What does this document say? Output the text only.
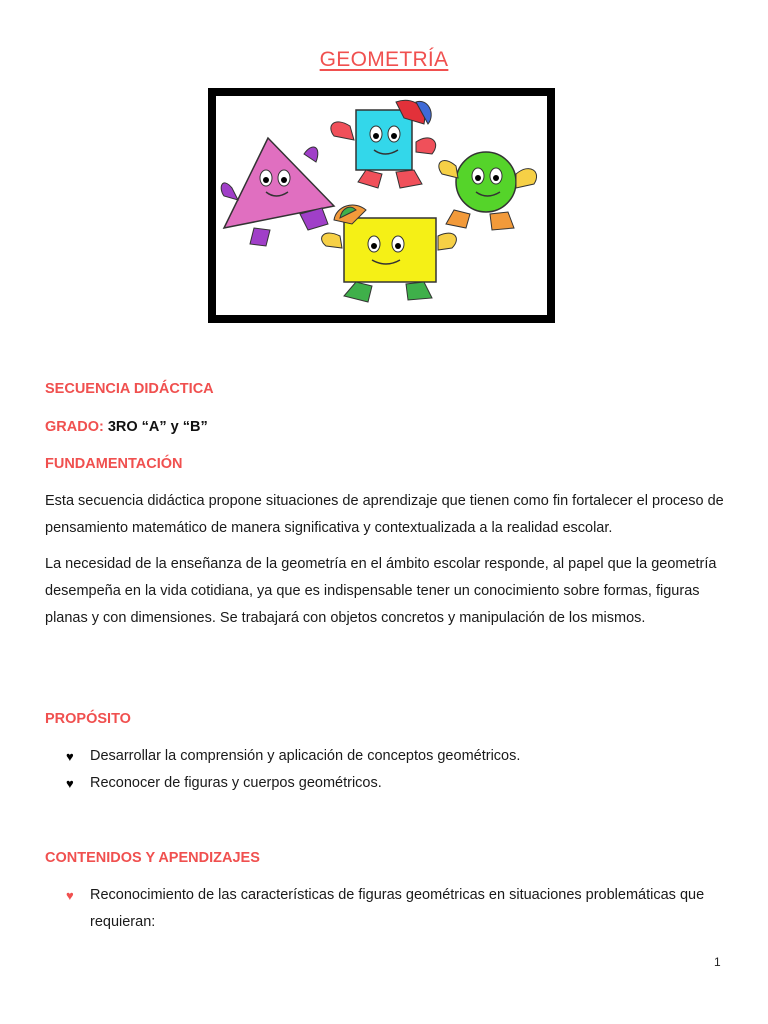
GEOMETRÍA
SECUENCIA DIDÁCTICA
GRADO: 3RO “A” y “B”
FUNDAMENTACIÓN
Esta secuencia didáctica propone situaciones de aprendizaje que tienen como fin fortalecer el proceso de pensamiento matemático de manera significativa y contextualizada a la realidad escolar.
La necesidad de la enseñanza de la geometría en el ámbito escolar responde, al papel que la geometría desempeña en la vida cotidiana, ya que es indispensable tener un conocimiento sobre formas, figuras planas y con dimensiones. Se trabajará con objetos concretos y manipulación de los mismos.
PROPÓSITO
♥ Desarrollar la comprensión y aplicación de conceptos geométricos.
♥ Reconocer de figuras y cuerpos geométricos.
CONTENIDOS Y APENDIZAJES
♥ Reconocimiento de las características de figuras geométricas en situaciones problemáticas que requieran:
1
